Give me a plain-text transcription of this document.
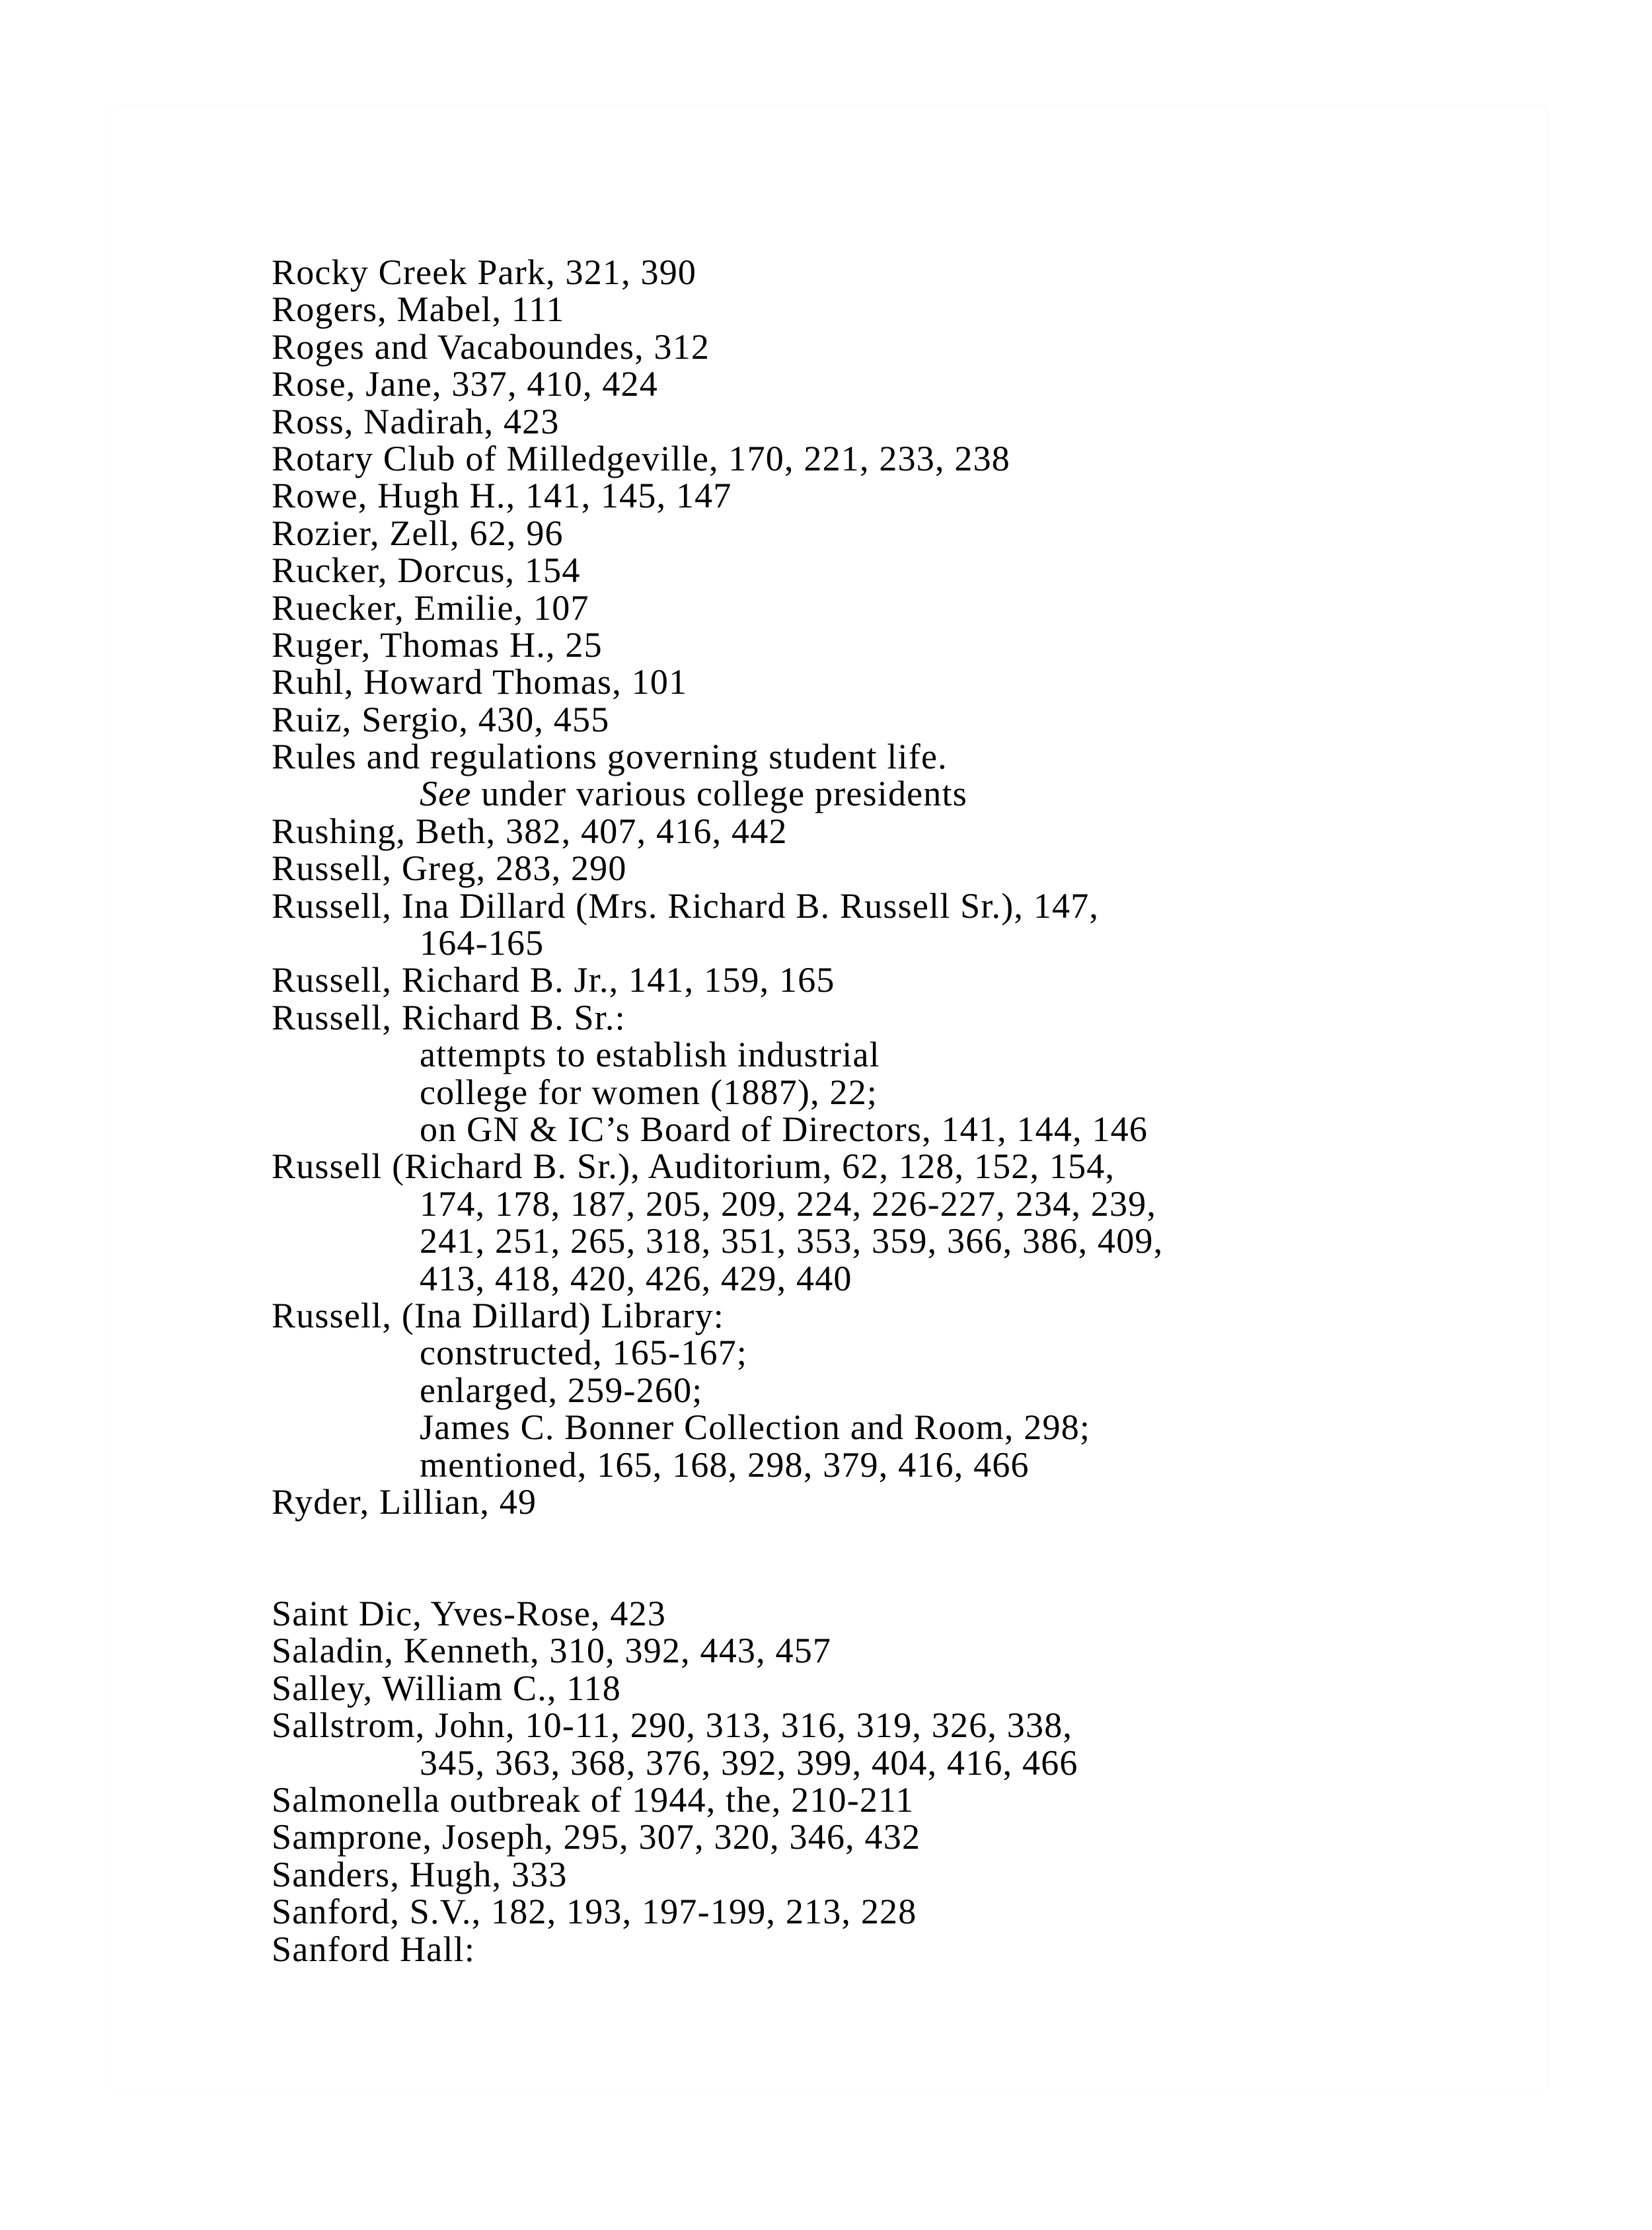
Rocky Creek Park, 321, 390
Rogers, Mabel, 111
Roges and Vacaboundes, 312
Rose, Jane, 337, 410, 424
Ross, Nadirah, 423
Rotary Club of Milledgeville, 170, 221, 233, 238
Rowe, Hugh H., 141, 145, 147
Rozier, Zell, 62, 96
Rucker, Dorcus, 154
Ruecker, Emilie, 107
Ruger, Thomas H., 25
Ruhl, Howard Thomas, 101
Ruiz, Sergio, 430, 455
Rules and regulations governing student life.
See under various college presidents
Rushing, Beth, 382, 407, 416, 442
Russell, Greg, 283, 290
Russell, Ina Dillard (Mrs. Richard B. Russell Sr.), 147,
164-165
Russell, Richard B. Jr., 141, 159, 165
Russell, Richard B. Sr.:
attempts to establish industrial
college for women (1887), 22;
on GN & IC’s Board of Directors, 141, 144, 146
Russell (Richard B. Sr.), Auditorium, 62, 128, 152, 154,
174, 178, 187, 205, 209, 224, 226-227, 234, 239,
241, 251, 265, 318, 351, 353, 359, 366, 386, 409,
413, 418, 420, 426, 429, 440
Russell, (Ina Dillard) Library:
constructed, 165-167;
enlarged, 259-260;
James C. Bonner Collection and Room, 298;
mentioned, 165, 168, 298, 379, 416, 466
Ryder, Lillian, 49
Saint Dic, Yves-Rose, 423
Saladin, Kenneth, 310, 392, 443, 457
Salley, William C., 118
Sallstrom, John, 10-11, 290, 313, 316, 319, 326, 338,
345, 363, 368, 376, 392, 399, 404, 416, 466
Salmonella outbreak of 1944, the, 210-211
Samprone, Joseph, 295, 307, 320, 346, 432
Sanders, Hugh, 333
Sanford, S.V., 182, 193, 197-199, 213, 228
Sanford Hall:
